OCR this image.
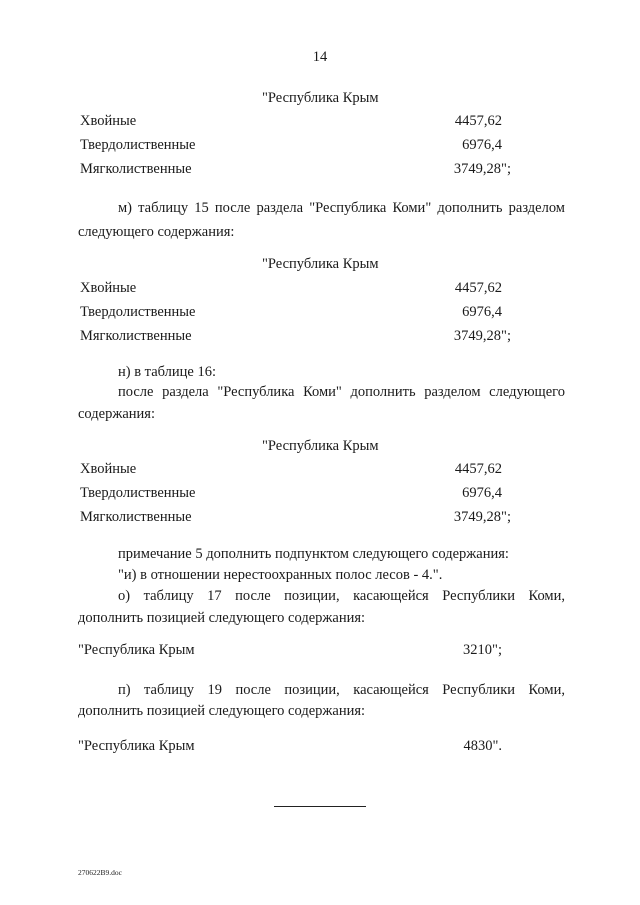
14
"Республика Крым
Хвойные	4457,62
Твердолиственные	6976,4
Мягколиственные	3749,28";
м) таблицу 15 после раздела "Республика Коми" дополнить разделом
следующего содержания:
"Республика Крым
Хвойные	4457,62
Твердолиственные	6976,4
Мягколиственные	3749,28";
н) в таблице 16:
после раздела "Республика Коми" дополнить разделом следующего
содержания:
"Республика Крым
Хвойные	4457,62
Твердолиственные	6976,4
Мягколиственные	3749,28";
примечание 5 дополнить подпунктом следующего содержания:
"и) в отношении нерестоохранных полос лесов - 4.".
о) таблицу 17 после позиции, касающейся Республики Коми,
дополнить позицией следующего содержания:
"Республика Крым	3210";
п) таблицу 19 после позиции, касающейся Республики Коми,
дополнить позицией следующего содержания:
"Республика Крым	4830".
270622B9.doc
